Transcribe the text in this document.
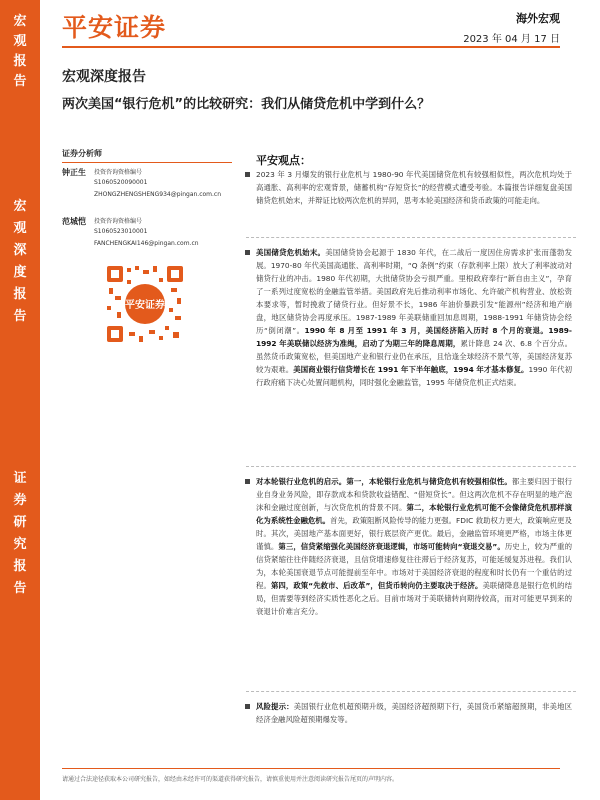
宏观报告
宏观深度报告
证券研究报告
平安证券	海外宏观
2023 年 04 月 17 日
宏观深度报告
两次美国“银行危机”的比较研究：我们从储贷危机中学到什么？
证券分析师
钟正生 投资咨询资格编号
S1060520090001
ZHONGZHENGSHENG934@pingan.com.cn
范城恺 投资咨询资格编号
S1060523010001
FANCHENGKAI146@pingan.com.cn
平安证券
平安观点：
2023 年 3 月爆发的银行业危机与 1980-90 年代美国储贷危机有较强相似性，两次危机均处于高通胀、高利率的宏观背景，储蓄机构“存短贷长”的经营模式遭受考验。本篇报告详细复盘美国储贷危机始末，并辩证比较两次危机的异同，思考本轮美国经济和货币政策的可能走向。
美国储贷危机始末。美国储贷协会起源于 1830 年代，在二战后一度因住房需求扩张而蓬勃发展。1970-80 年代美国高通胀、高利率时期，“Q 条例”约束（存款利率上限）放大了利率波动对储贷行业的冲击。1980 年代初期，大批储贷协会亏损严重。里根政府奉行“新自由主义”，孕育了一系列过度宽松的金融监管举措。美国政府先后推动利率市场化、允许破产机构营业、放松资本要求等，暂时挽救了储贷行业。但好景不长，1986 年油价暴跌引发“能源州”经济和地产崩盘，地区储贷协会再度承压。1987-1989 年美联储重回加息周期，1988-1991 年储贷协会经历“倒闭潮”。1990 年 8 月至 1991 年 3 月，美国经济陷入历时 8 个月的衰退。1989-1992 年美联储以经济为准绳，启动了为期三年的降息周期，累计降息 24 次、6.8 个百分点。虽然货币政策宽松，但美国地产业和银行业仍在承压，且恰逢全球经济不景气等，美国经济复苏较为艰难。美国商业银行信贷增长在 1991 年下半年触底，1994 年才基本修复。1990 年代初行政府痛下决心处置问题机构，同时强化金融监管，1995 年储贷危机正式结束。
对本轮银行业危机的启示。第一，本轮银行业危机与储贷危机有较强相似性。都主要归因于银行业自身业务风险，即存款成本和贷款收益错配、“借短贷长”。但这两次危机不存在明显的地产泡沫和金融过度创新，与次贷危机的背景不同。第二，本轮银行业危机可能不会像储贷危机那样演化为系统性金融危机。首先，政策阻断风险传导的能力更强。FDIC 救助权力更大，政策响应更及时。其次，美国地产基本面更好，银行底层资产更优。最后，金融监管环境更严格，市场主体更谨慎。第三，信贷紧缩强化美国经济衰退逻辑，市场可能转向“衰退交易”。历史上，较为严重的信贷紧缩往往伴随经济衰退，且信贷增速修复往往滞后于经济复苏，可能延缓复苏进程。我们认为，本轮美国衰退节点可能提前至年中。市场对于美国经济衰退的程度和时长仍有一个重估的过程。第四，政策“先救市、后改革”，但货币转向仍主要取决于经济。美联储降息是银行危机的结局，但需要等到经济实质性恶化之后。目前市场对于美联储转向期待较高，而对可能更早到来的衰退计价难言充分。
风险提示：美国银行业危机超预期升级，美国经济超预期下行，美国货币紧缩超预期，非美地区经济金融风险超预期爆发等。
请通过合法途径获取本公司研究报告，如经由未经许可的渠道获得研究报告，请慎重使用并注意阅读研究报告尾页的声明内容。
